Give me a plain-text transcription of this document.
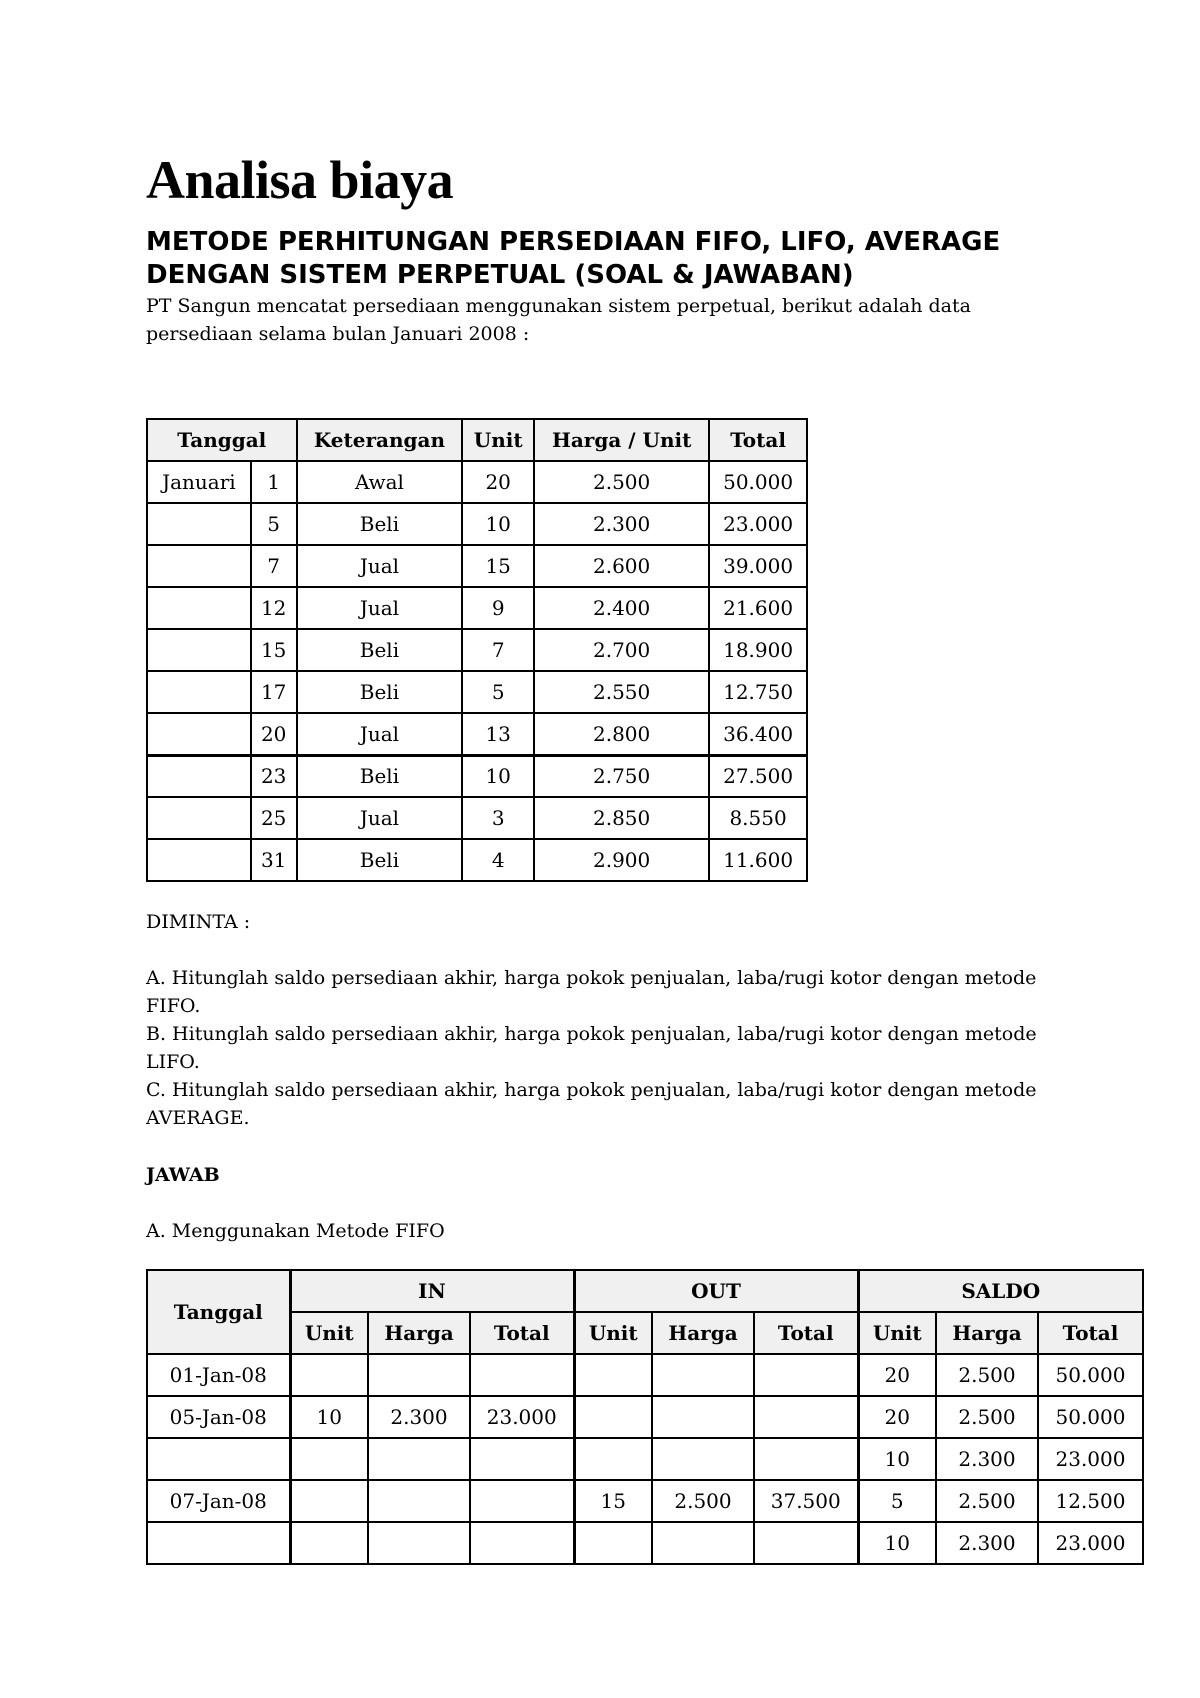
Analisa biaya
METODE PERHITUNGAN PERSEDIAAN FIFO, LIFO, AVERAGE DENGAN SISTEM PERPETUAL (SOAL & JAWABAN)

PT Sangun mencatat persediaan menggunakan sistem perpetual, berikut adalah data persediaan selama bulan Januari 2008 :

Tanggal		Keterangan	Unit	Harga / Unit	Total
Januari	1	Awal	20	2.500	50.000
	5	Beli	10	2.300	23.000
	7	Jual	15	2.600	39.000
	12	Jual	9	2.400	21.600
	15	Beli	7	2.700	18.900
	17	Beli	5	2.550	12.750
	20	Jual	13	2.800	36.400
	23	Beli	10	2.750	27.500
	25	Jual	3	2.850	8.550
	31	Beli	4	2.900	11.600
DIMINTA :
A. Hitunglah saldo persediaan akhir, harga pokok penjualan, laba/rugi kotor dengan metode FIFO.
B. Hitunglah saldo persediaan akhir, harga pokok penjualan, laba/rugi kotor dengan metode LIFO.
C. Hitunglah saldo persediaan akhir, harga pokok penjualan, laba/rugi kotor dengan metode AVERAGE.
JAWAB
A. Menggunakan Metode FIFO
Tanggal	IN			OUT			SALDO		
	Unit	Harga	Total	Unit	Harga	Total	Unit	Harga	Total
01-Jan-08							20	2.500	50.000
05-Jan-08	10	2.300	23.000				20	2.500	50.000
							10	2.300	23.000
07-Jan-08				15	2.500	37.500	5	2.500	12.500
							10	2.300	23.000
